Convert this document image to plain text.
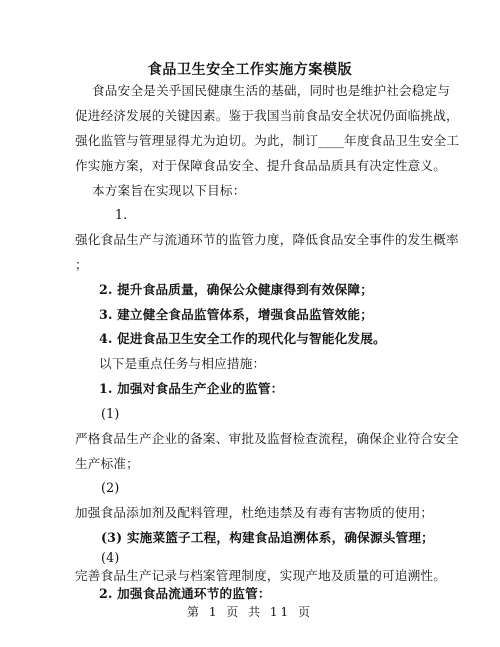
食品卫生安全工作实施方案模版
食品安全是关乎国民健康生活的基础，同时也是维护社会稳定与
促进经济发展的关键因素。鉴于我国当前食品安全状况仍面临挑战，
强化监管与管理显得尤为迫切。为此，制订____年度食品卫生安全工
作实施方案，对于保障食品安全、提升食品品质具有决定性意义。
本方案旨在实现以下目标：
1.
强化食品生产与流通环节的监管力度，降低食品安全事件的发生概率
；
2. 提升食品质量，确保公众健康得到有效保障；
3. 建立健全食品监管体系，增强食品监管效能；
4. 促进食品卫生安全工作的现代化与智能化发展。
以下是重点任务与相应措施：
1. 加强对食品生产企业的监管：
(1)
严格食品生产企业的备案、审批及监督检查流程，确保企业符合安全
生产标准；
(2)
加强食品添加剂及配料管理，杜绝违禁及有毒有害物质的使用；
(3) 实施菜篮子工程，构建食品追溯体系，确保源头管理；
(4)
完善食品生产记录与档案管理制度，实现产地及质量的可追溯性。
第 1 页 共 11 页
2. 加强食品流通环节的监管：
